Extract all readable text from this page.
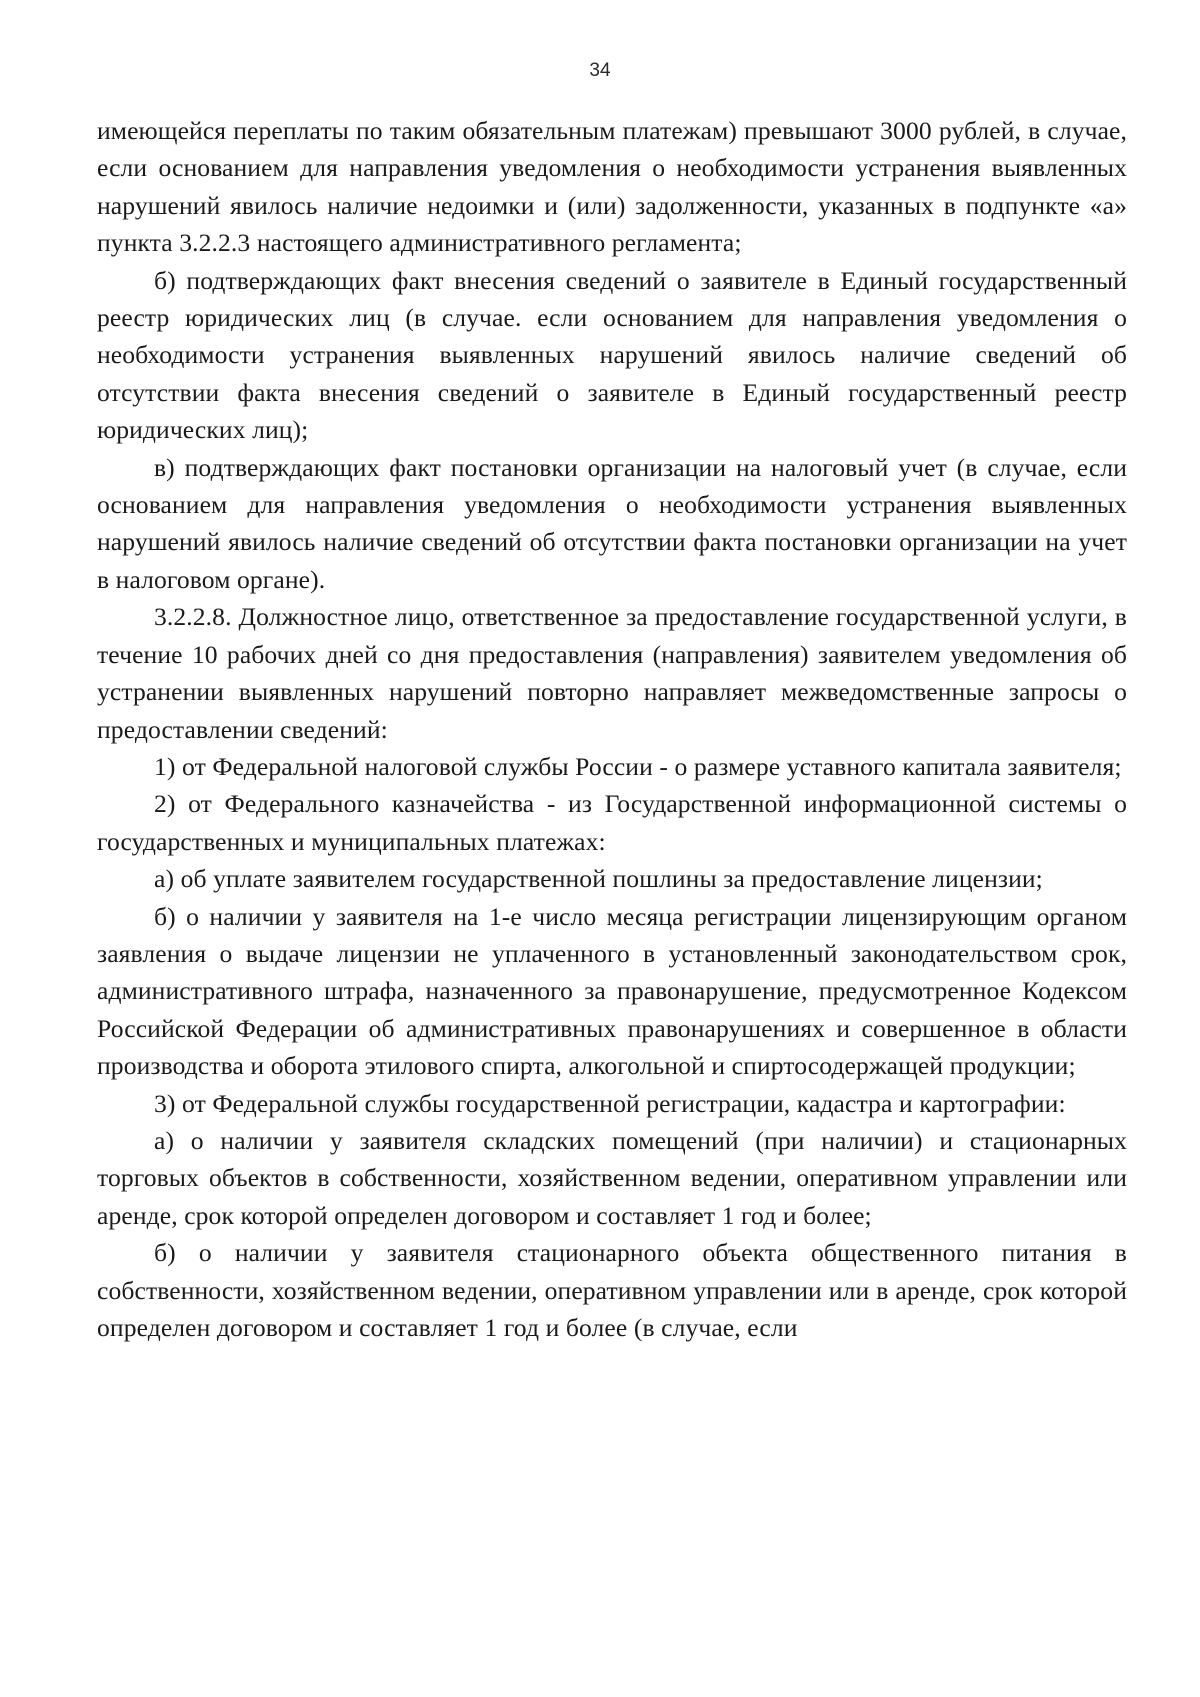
34

имеющейся переплаты по таким обязательным платежам) превышают 3000 рублей, в случае, если основанием для направления уведомления о необходимости устранения выявленных нарушений явилось наличие недоимки и (или) задолженности, указанных в подпункте «а» пункта 3.2.2.3 настоящего административного регламента;

б) подтверждающих факт внесения сведений о заявителе в Единый государственный реестр юридических лиц (в случае. если основанием для направления уведомления о необходимости устранения выявленных нарушений явилось наличие сведений об отсутствии факта внесения сведений о заявителе в Единый государственный реестр юридических лиц);

в) подтверждающих факт постановки организации на налоговый учет (в случае, если основанием для направления уведомления о необходимости устранения выявленных нарушений явилось наличие сведений об отсутствии факта постановки организации на учет в налоговом органе).

3.2.2.8. Должностное лицо, ответственное за предоставление государственной услуги, в течение 10 рабочих дней со дня предоставления (направления) заявителем уведомления об устранении выявленных нарушений повторно направляет межведомственные запросы о предоставлении сведений:

1) от Федеральной налоговой службы России - о размере уставного капитала заявителя;

2) от Федерального казначейства - из Государственной информационной системы о государственных и муниципальных платежах:

а) об уплате заявителем государственной пошлины за предоставление лицензии;

б) о наличии у заявителя на 1-е число месяца регистрации лицензирующим органом заявления о выдаче лицензии не уплаченного в установленный законодательством срок, административного штрафа, назначенного за правонарушение, предусмотренное Кодексом Российской Федерации об административных правонарушениях и совершенное в области производства и оборота этилового спирта, алкогольной и спиртосодержащей продукции;

3) от Федеральной службы государственной регистрации, кадастра и картографии:

а) о наличии у заявителя складских помещений (при наличии) и стационарных торговых объектов в собственности, хозяйственном ведении, оперативном управлении или аренде, срок которой определен договором и составляет 1 год и более;

б) о наличии у заявителя стационарного объекта общественного питания в собственности, хозяйственном ведении, оперативном управлении или в аренде, срок которой определен договором и составляет 1 год и более (в случае, если
